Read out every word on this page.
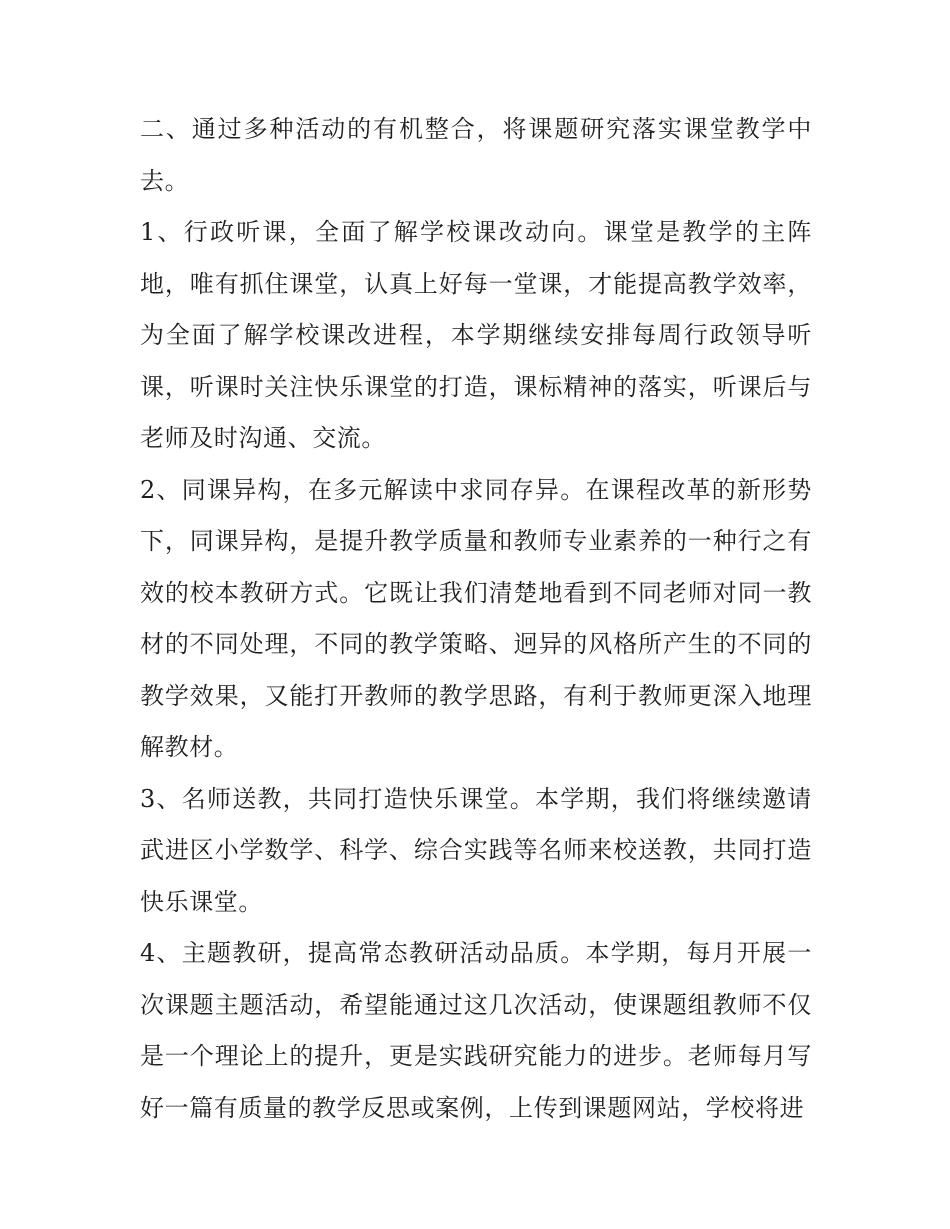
二、通过多种活动的有机整合，将课题研究落实课堂教学中去。

1、行政听课，全面了解学校课改动向。课堂是教学的主阵地，唯有抓住课堂，认真上好每一堂课，才能提高教学效率，为全面了解学校课改进程，本学期继续安排每周行政领导听课，听课时关注快乐课堂的打造，课标精神的落实，听课后与老师及时沟通、交流。

2、同课异构，在多元解读中求同存异。在课程改革的新形势下，同课异构，是提升教学质量和教师专业素养的一种行之有效的校本教研方式。它既让我们清楚地看到不同老师对同一教材的不同处理，不同的教学策略、迥异的风格所产生的不同的教学效果，又能打开教师的教学思路，有利于教师更深入地理解教材。

3、名师送教，共同打造快乐课堂。本学期，我们将继续邀请武进区小学数学、科学、综合实践等名师来校送教，共同打造快乐课堂。

4、主题教研，提高常态教研活动品质。本学期，每月开展一次课题主题活动，希望能通过这几次活动，使课题组教师不仅是一个理论上的提升，更是实践研究能力的进步。老师每月写好一篇有质量的教学反思或案例，上传到课题网站，学校将进
